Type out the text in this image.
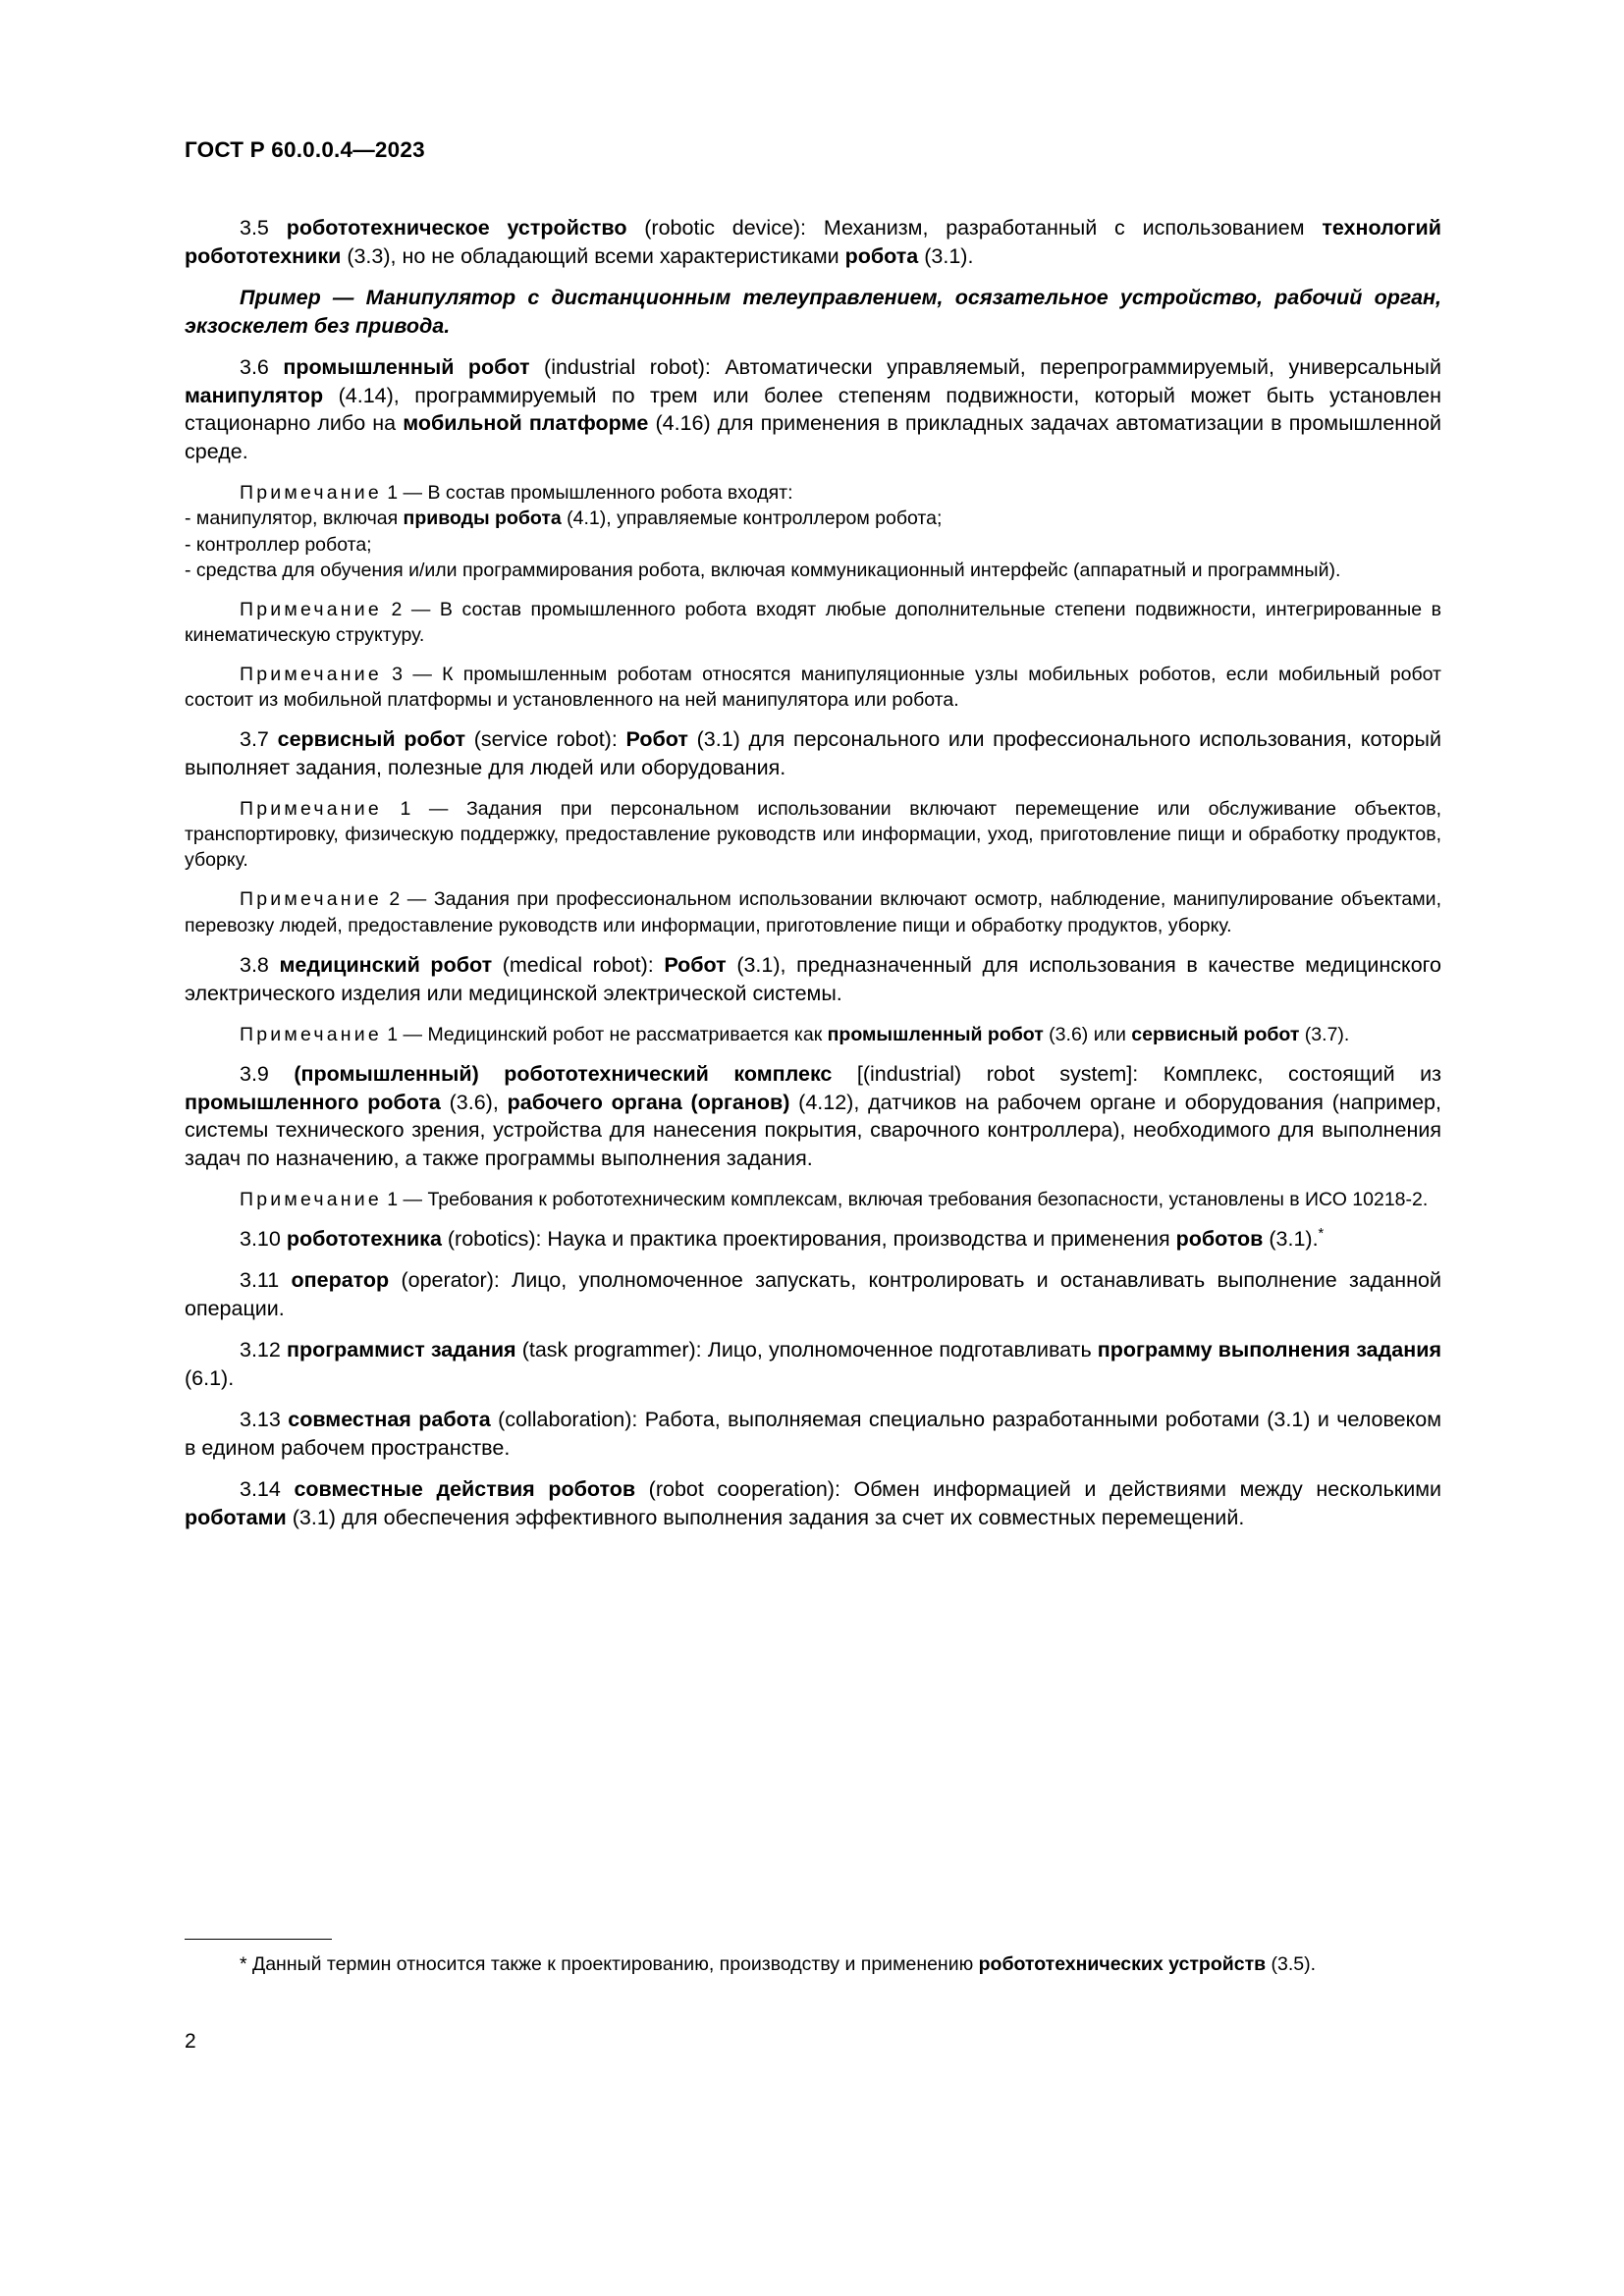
ГОСТ Р 60.0.0.4—2023

3.5 робототехническое устройство (robotic device): Механизм, разработанный с использованием технологий робототехники (3.3), но не обладающий всеми характеристиками робота (3.1).

Пример — Манипулятор с дистанционным телеуправлением, осязательное устройство, рабочий орган, экзоскелет без привода.

3.6 промышленный робот (industrial robot): Автоматически управляемый, перепрограммируемый, универсальный манипулятор (4.14), программируемый по трем или более степеням подвижности, который может быть установлен стационарно либо на мобильной платформе (4.16) для применения в прикладных задачах автоматизации в промышленной среде.

Примечание 1 — В состав промышленного робота входят:

- манипулятор, включая приводы робота (4.1), управляемые контроллером робота;

- контроллер робота;

- средства для обучения и/или программирования робота, включая коммуникационный интерфейс (аппаратный и программный).

Примечание 2 — В состав промышленного робота входят любые дополнительные степени подвижности, интегрированные в кинематическую структуру.

Примечание 3 — К промышленным роботам относятся манипуляционные узлы мобильных роботов, если мобильный робот состоит из мобильной платформы и установленного на ней манипулятора или робота.

3.7 сервисный робот (service robot): Робот (3.1) для персонального или профессионального использования, который выполняет задания, полезные для людей или оборудования.

Примечание 1 — Задания при персональном использовании включают перемещение или обслуживание объектов, транспортировку, физическую поддержку, предоставление руководств или информации, уход, приготовление пищи и обработку продуктов, уборку.

Примечание 2 — Задания при профессиональном использовании включают осмотр, наблюдение, манипулирование объектами, перевозку людей, предоставление руководств или информации, приготовление пищи и обработку продуктов, уборку.

3.8 медицинский робот (medical robot): Робот (3.1), предназначенный для использования в качестве медицинского электрического изделия или медицинской электрической системы.

Примечание 1 — Медицинский робот не рассматривается как промышленный робот (3.6) или сервисный робот (3.7).

3.9 (промышленный) робототехнический комплекс [(industrial) robot system]: Комплекс, состоящий из промышленного робота (3.6), рабочего органа (органов) (4.12), датчиков на рабочем органе и оборудования (например, системы технического зрения, устройства для нанесения покрытия, сварочного контроллера), необходимого для выполнения задач по назначению, а также программы выполнения задания.

Примечание 1 — Требования к робототехническим комплексам, включая требования безопасности, установлены в ИСО 10218-2.

3.10 робототехника (robotics): Наука и практика проектирования, производства и применения роботов (3.1).*

3.11 оператор (operator): Лицо, уполномоченное запускать, контролировать и останавливать выполнение заданной операции.

3.12 программист задания (task programmer): Лицо, уполномоченное подготавливать программу выполнения задания (6.1).

3.13 совместная работа (collaboration): Работа, выполняемая специально разработанными роботами (3.1) и человеком в едином рабочем пространстве.

3.14 совместные действия роботов (robot cooperation): Обмен информацией и действиями между несколькими роботами (3.1) для обеспечения эффективного выполнения задания за счет их совместных перемещений.

* Данный термин относится также к проектированию, производству и применению робототехнических устройств (3.5).

2
